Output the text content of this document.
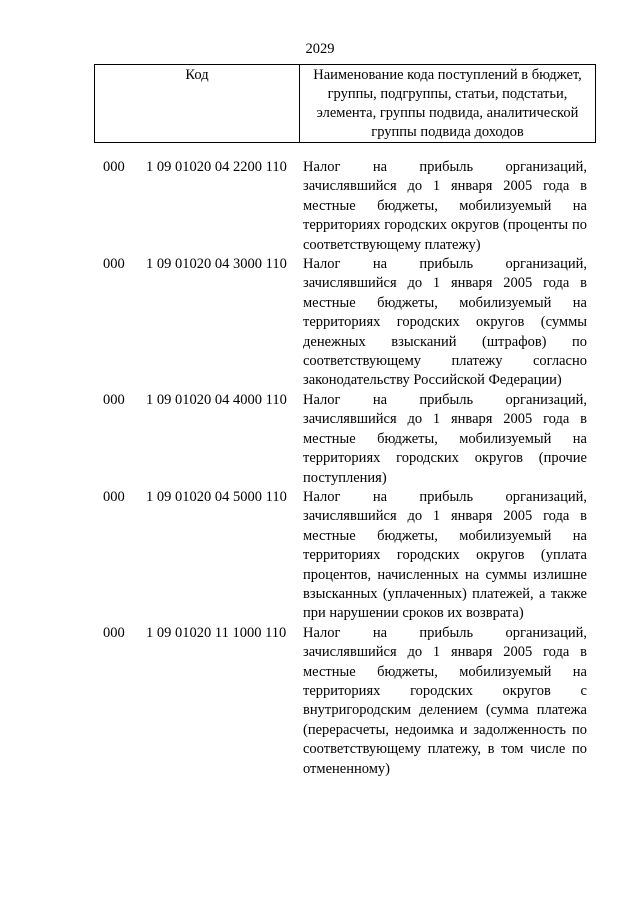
2029
Код	Наименование кода поступлений в бюджет, группы, подгруппы, статьи, подстатьи, элемента, группы подвида, аналитической группы подвида доходов
000 1 09 01020 04 2200 110 Налог на прибыль организаций, зачислявшийся до 1 января 2005 года в местные бюджеты, мобилизуемый на территориях городских округов (проценты по соответствующему платежу)
000 1 09 01020 04 3000 110 Налог на прибыль организаций, зачислявшийся до 1 января 2005 года в местные бюджеты, мобилизуемый на территориях городских округов (суммы денежных взысканий (штрафов) по соответствующему платежу согласно законодательству Российской Федерации)
000 1 09 01020 04 4000 110 Налог на прибыль организаций, зачислявшийся до 1 января 2005 года в местные бюджеты, мобилизуемый на территориях городских округов (прочие поступления)
000 1 09 01020 04 5000 110 Налог на прибыль организаций, зачислявшийся до 1 января 2005 года в местные бюджеты, мобилизуемый на территориях городских округов (уплата процентов, начисленных на суммы излишне взысканных (уплаченных) платежей, а также при нарушении сроков их возврата)
000 1 09 01020 11 1000 110 Налог на прибыль организаций, зачислявшийся до 1 января 2005 года в местные бюджеты, мобилизуемый на территориях городских округов с внутригородским делением (сумма платежа (перерасчеты, недоимка и задолженность по соответствующему платежу, в том числе по отмененному)
